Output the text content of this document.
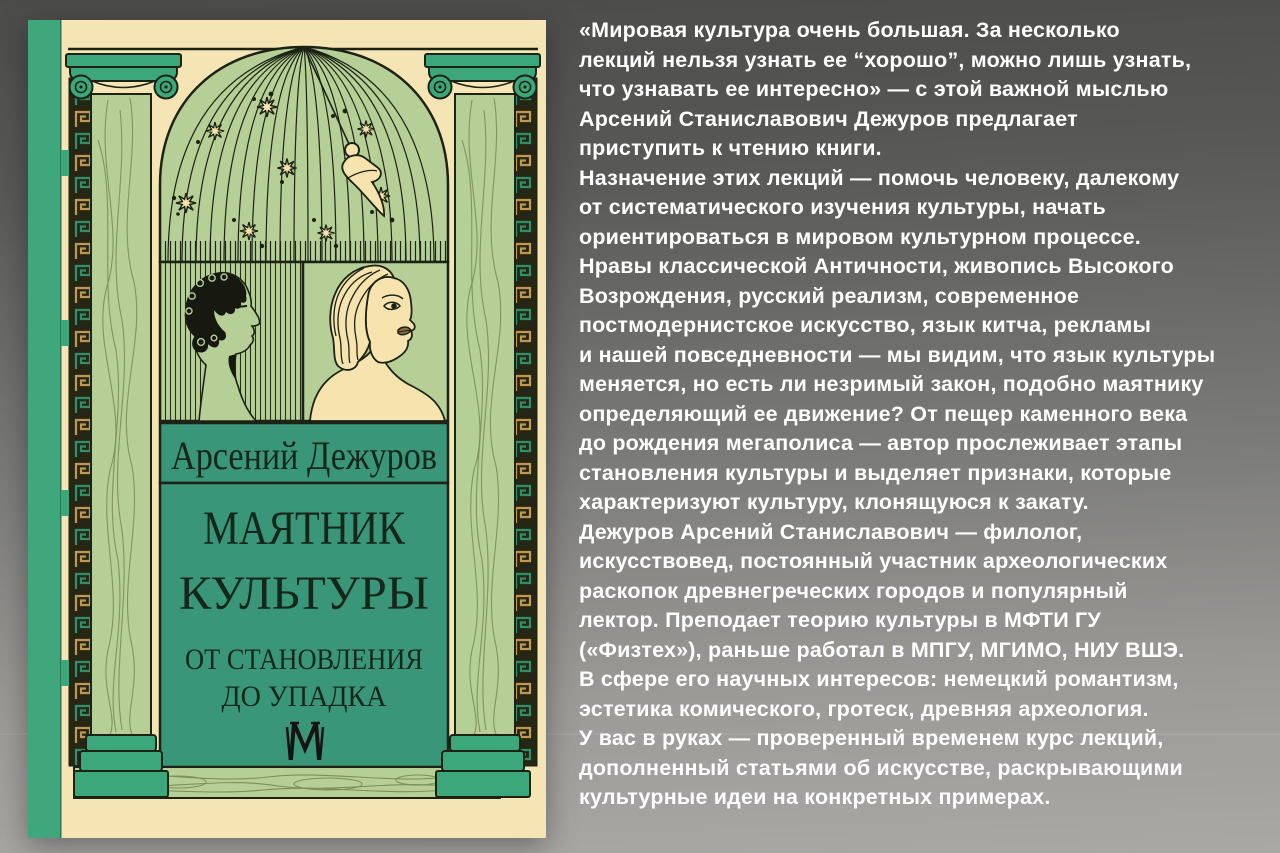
Арсений Дежуров
МАЯТНИК
КУЛЬТУРЫ
ОТ СТАНОВЛЕНИЯ
ДО УПАДКА
«Мировая культура очень большая. За несколько
лекций нельзя узнать ее “хорошо”, можно лишь узнать,
что узнавать ее интересно» — с этой важной мыслью
Арсений Станиславович Дежуров предлагает
приступить к чтению книги.
Назначение этих лекций — помочь человеку, далекому
от систематического изучения культуры, начать
ориентироваться в мировом культурном процессе.
Нравы классической Античности, живопись Высокого
Возрождения, русский реализм, современное
постмодернистское искусство, язык китча, рекламы
и нашей повседневности — мы видим, что язык культуры
меняется, но есть ли незримый закон, подобно маятнику
определяющий ее движение? От пещер каменного века
до рождения мегаполиса — автор прослеживает этапы
становления культуры и выделяет признаки, которые
характеризуют культуру, клонящуюся к закату.
Дежуров Арсений Станиславович — филолог,
искусствовед, постоянный участник археологических
раскопок древнегреческих городов и популярный
лектор. Преподает теорию культуры в МФТИ ГУ
(«Физтех»), раньше работал в МПГУ, МГИМО, НИУ ВШЭ.
В сфере его научных интересов: немецкий романтизм,
эстетика комического, гротеск, древняя археология.
У вас в руках — проверенный временем курс лекций,
дополненный статьями об искусстве, раскрывающими
культурные идеи на конкретных примерах.
